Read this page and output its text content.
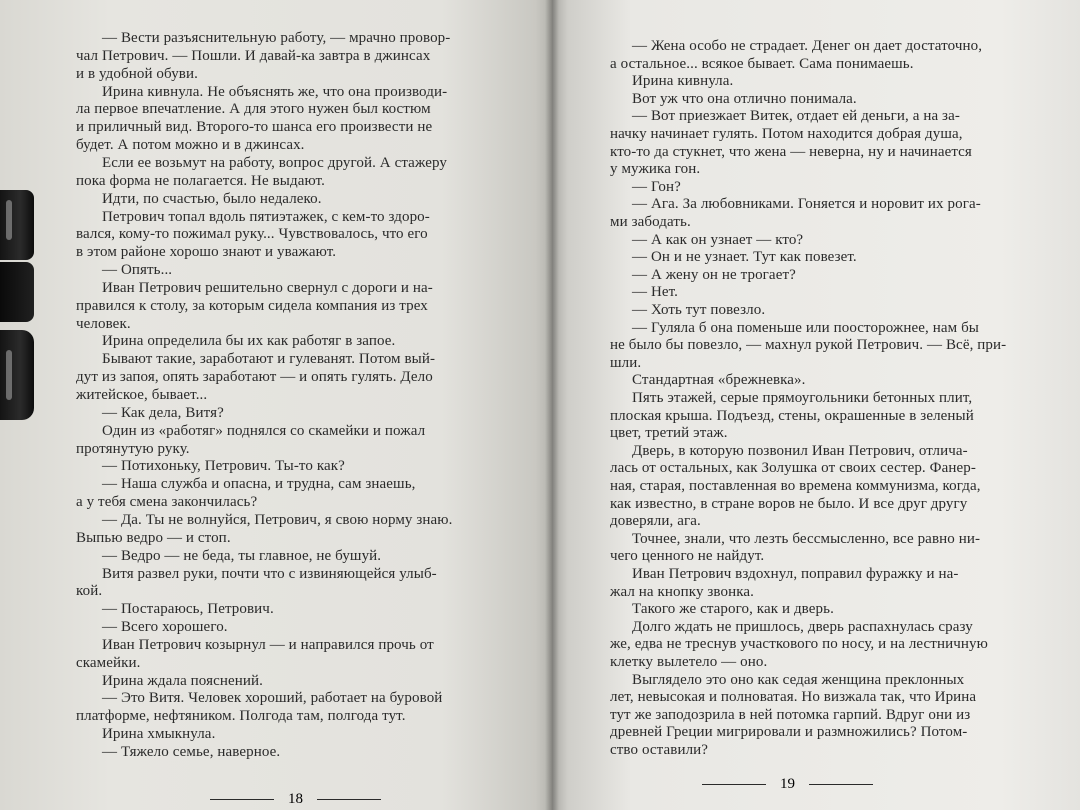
— Вести разъяснительную работу, — мрачно провор-
чал Петрович. — Пошли. И давай-ка завтра в джинсах
и в удобной обуви.
Ирина кивнула. Не объяснять же, что она производи-
ла первое впечатление. А для этого нужен был костюм
и приличный вид. Второго-то шанса его произвести не
будет. А потом можно и в джинсах.
Если ее возьмут на работу, вопрос другой. А стажеру
пока форма не полагается. Не выдают.
Идти, по счастью, было недалеко.
Петрович топал вдоль пятиэтажек, с кем-то здоро-
вался, кому-то пожимал руку... Чувствовалось, что его
в этом районе хорошо знают и уважают.
— Опять...
Иван Петрович решительно свернул с дороги и на-
правился к столу, за которым сидела компания из трех
человек.
Ирина определила бы их как работяг в запое.
Бывают такие, заработают и гулеванят. Потом вый-
дут из запоя, опять заработают — и опять гулять. Дело
житейское, бывает...
— Как дела, Витя?
Один из «работяг» поднялся со скамейки и пожал
протянутую руку.
— Потихоньку, Петрович. Ты-то как?
— Наша служба и опасна, и трудна, сам знаешь,
а у тебя смена закончилась?
— Да. Ты не волнуйся, Петрович, я свою норму знаю.
Выпью ведро — и стоп.
— Ведро — не беда, ты главное, не бушуй.
Витя развел руки, почти что с извиняющейся улыб-
кой.
— Постараюсь, Петрович.
— Всего хорошего.
Иван Петрович козырнул — и направился прочь от
скамейки.
Ирина ждала пояснений.
— Это Витя. Человек хороший, работает на буровой
платформе, нефтяником. Полгода там, полгода тут.
Ирина хмыкнула.
— Тяжело семье, наверное.
— Жена особо не страдает. Денег он дает достаточно,
а остальное... всякое бывает. Сама понимаешь.
Ирина кивнула.
Вот уж что она отлично понимала.
— Вот приезжает Витек, отдает ей деньги, а на за-
начку начинает гулять. Потом находится добрая душа,
кто-то да стукнет, что жена — неверна, ну и начинается
у мужика гон.
— Гон?
— Ага. За любовниками. Гоняется и норовит их рога-
ми забодать.
— А как он узнает — кто?
— Он и не узнает. Тут как повезет.
— А жену он не трогает?
— Нет.
— Хоть тут повезло.
— Гуляла б она поменьше или поосторожнее, нам бы
не было бы повезло, — махнул рукой Петрович. — Всё, при-
шли.
Стандартная «брежневка».
Пять этажей, серые прямоугольники бетонных плит,
плоская крыша. Подъезд, стены, окрашенные в зеленый
цвет, третий этаж.
Дверь, в которую позвонил Иван Петрович, отлича-
лась от остальных, как Золушка от своих сестер. Фанер-
ная, старая, поставленная во времена коммунизма, когда,
как известно, в стране воров не было. И все друг другу
доверяли, ага.
Точнее, знали, что лезть бессмысленно, все равно ни-
чего ценного не найдут.
Иван Петрович вздохнул, поправил фуражку и на-
жал на кнопку звонка.
Такого же старого, как и дверь.
Долго ждать не пришлось, дверь распахнулась сразу
же, едва не треснув участкового по носу, и на лестничную
клетку вылетело — оно.
Выглядело это оно как седая женщина преклонных
лет, невысокая и полноватая. Но визжала так, что Ирина
тут же заподозрила в ней потомка гарпий. Вдруг они из
древней Греции мигрировали и размножились? Потом-
ство оставили?
18
19
